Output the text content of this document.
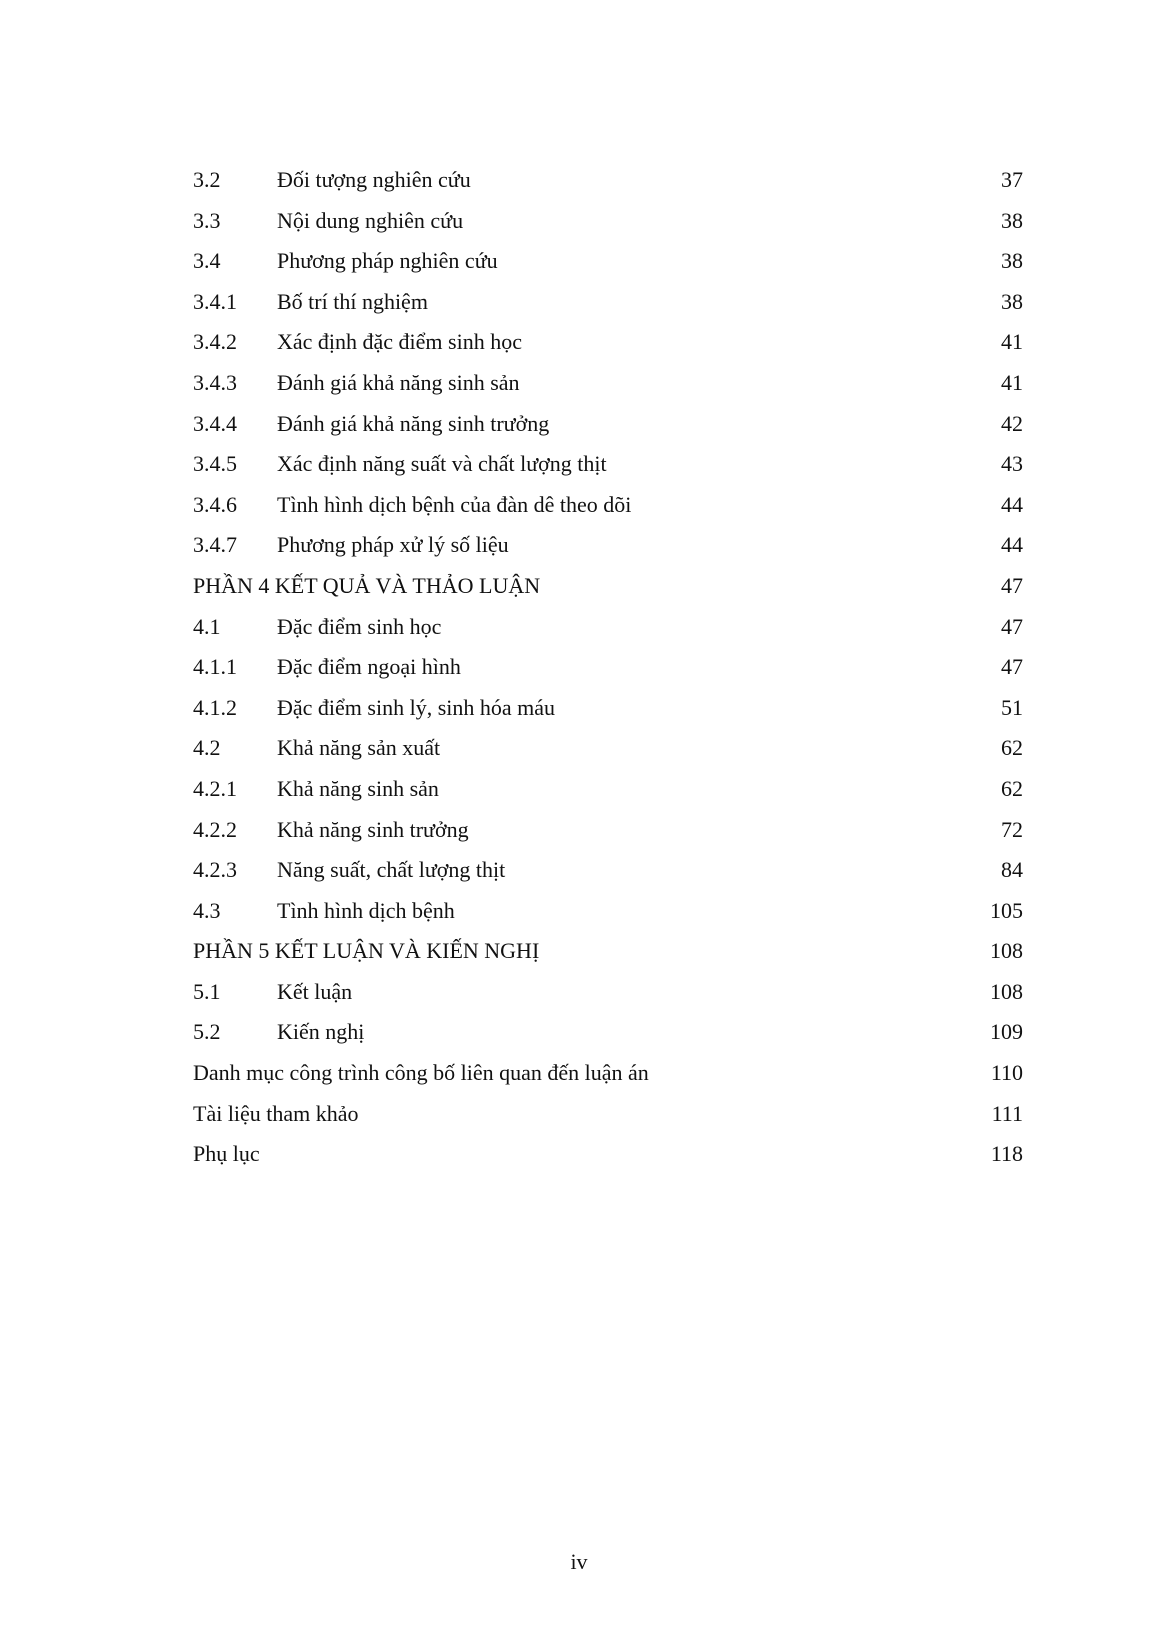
3.2	Đối tượng nghiên cứu	37
3.3	Nội dung nghiên cứu	38
3.4	Phương pháp nghiên cứu	38
3.4.1 Bố trí thí nghiệm	38
3.4.2 Xác định đặc điểm sinh học	41
3.4.3 Đánh giá khả năng sinh sản	41
3.4.4 Đánh giá khả năng sinh trưởng	42
3.4.5 Xác định năng suất và chất lượng thịt	43
3.4.6 Tình hình dịch bệnh của đàn dê theo dõi	44
3.4.7 Phương pháp xử lý số liệu	44
PHẦN 4 KẾT QUẢ VÀ THẢO LUẬN	47
4.1	Đặc điểm sinh học	47
4.1.1 Đặc điểm ngoại hình	47
4.1.2 Đặc điểm sinh lý, sinh hóa máu	51
4.2	Khả năng sản xuất	62
4.2.1 Khả năng sinh sản	62
4.2.2 Khả năng sinh trưởng	72
4.2.3 Năng suất, chất lượng thịt	84
4.3	Tình hình dịch bệnh	105
PHẦN 5 KẾT LUẬN VÀ KIẾN NGHỊ	108
5.1	Kết luận	108
5.2	Kiến nghị	109
Danh mục công trình công bố liên quan đến luận án	110
Tài liệu tham khảo	111
Phụ lục	118
iv
